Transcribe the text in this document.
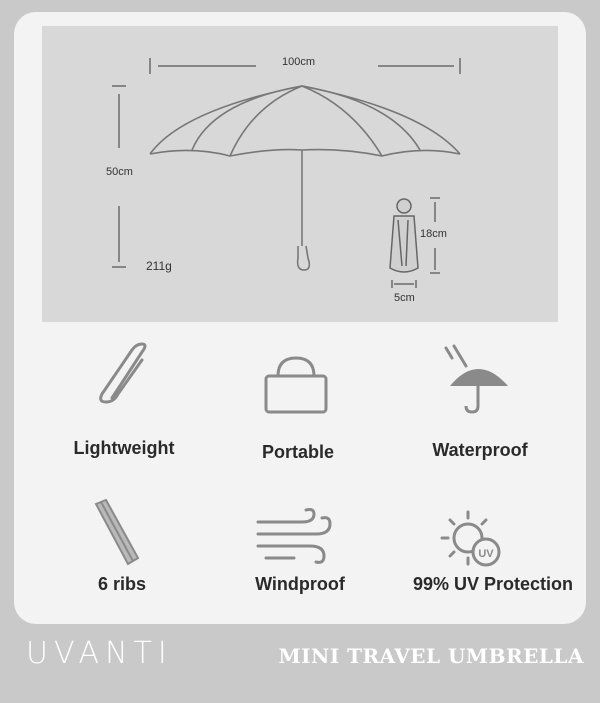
100cm
50cm
211g
18cm
5cm
Lightweight	Portable	Waterproof
6 ribs	Windproof
UV
99% UV Protection
UVANTI	MINI TRAVEL UMBRELLA
